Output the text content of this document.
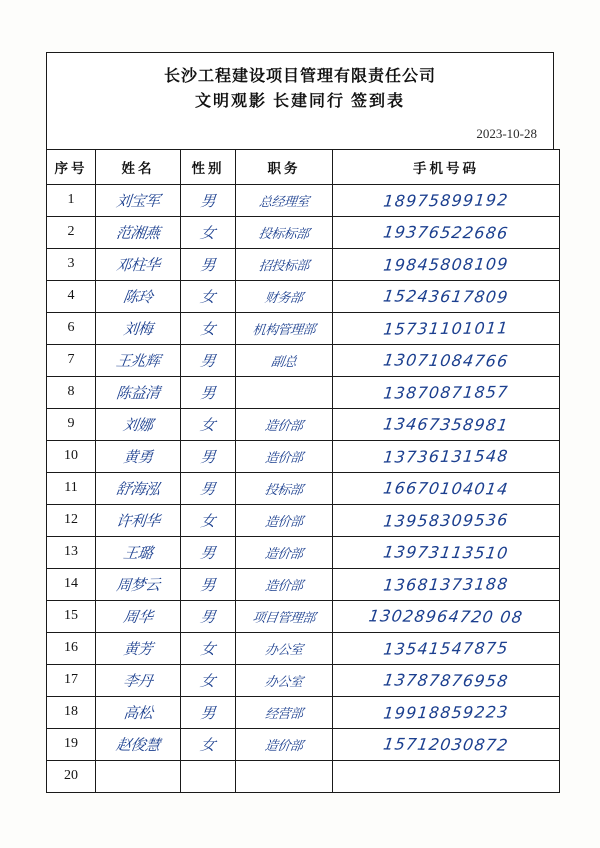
长沙工程建设项目管理有限责任公司
文明观影 长建同行 签到表
2023-10-28
序号	姓名	性别	职务	手机号码
1	刘宝军	男	总经理室	18975899192

2	范湘燕	女	投标标部	19376522686

3	邓柱华	男	招投标部	19845808109

4	陈玲	女	财务部	15243617809

6	刘梅	女	机构管理部	15731101011

7	王兆辉	男	副总	13071084766

8	陈益清	男		13870871857

9	刘娜	女	造价部	13467358981

10	黄勇	男	造价部	13736131548

11	舒海泓	男	投标部	16670104014

12	许利华	女	造价部	13958309536

13	王璐	男	造价部	13973113510

14	周梦云	男	造价部	13681373188

15	周华	男	项目管理部	13028964720 08

16	黄芳	女	办公室	13541547875

17	李丹	女	办公室	13787876958

18	高松	男	经营部	19918859223

19	赵俊慧	女	造价部	15712030872

20	
